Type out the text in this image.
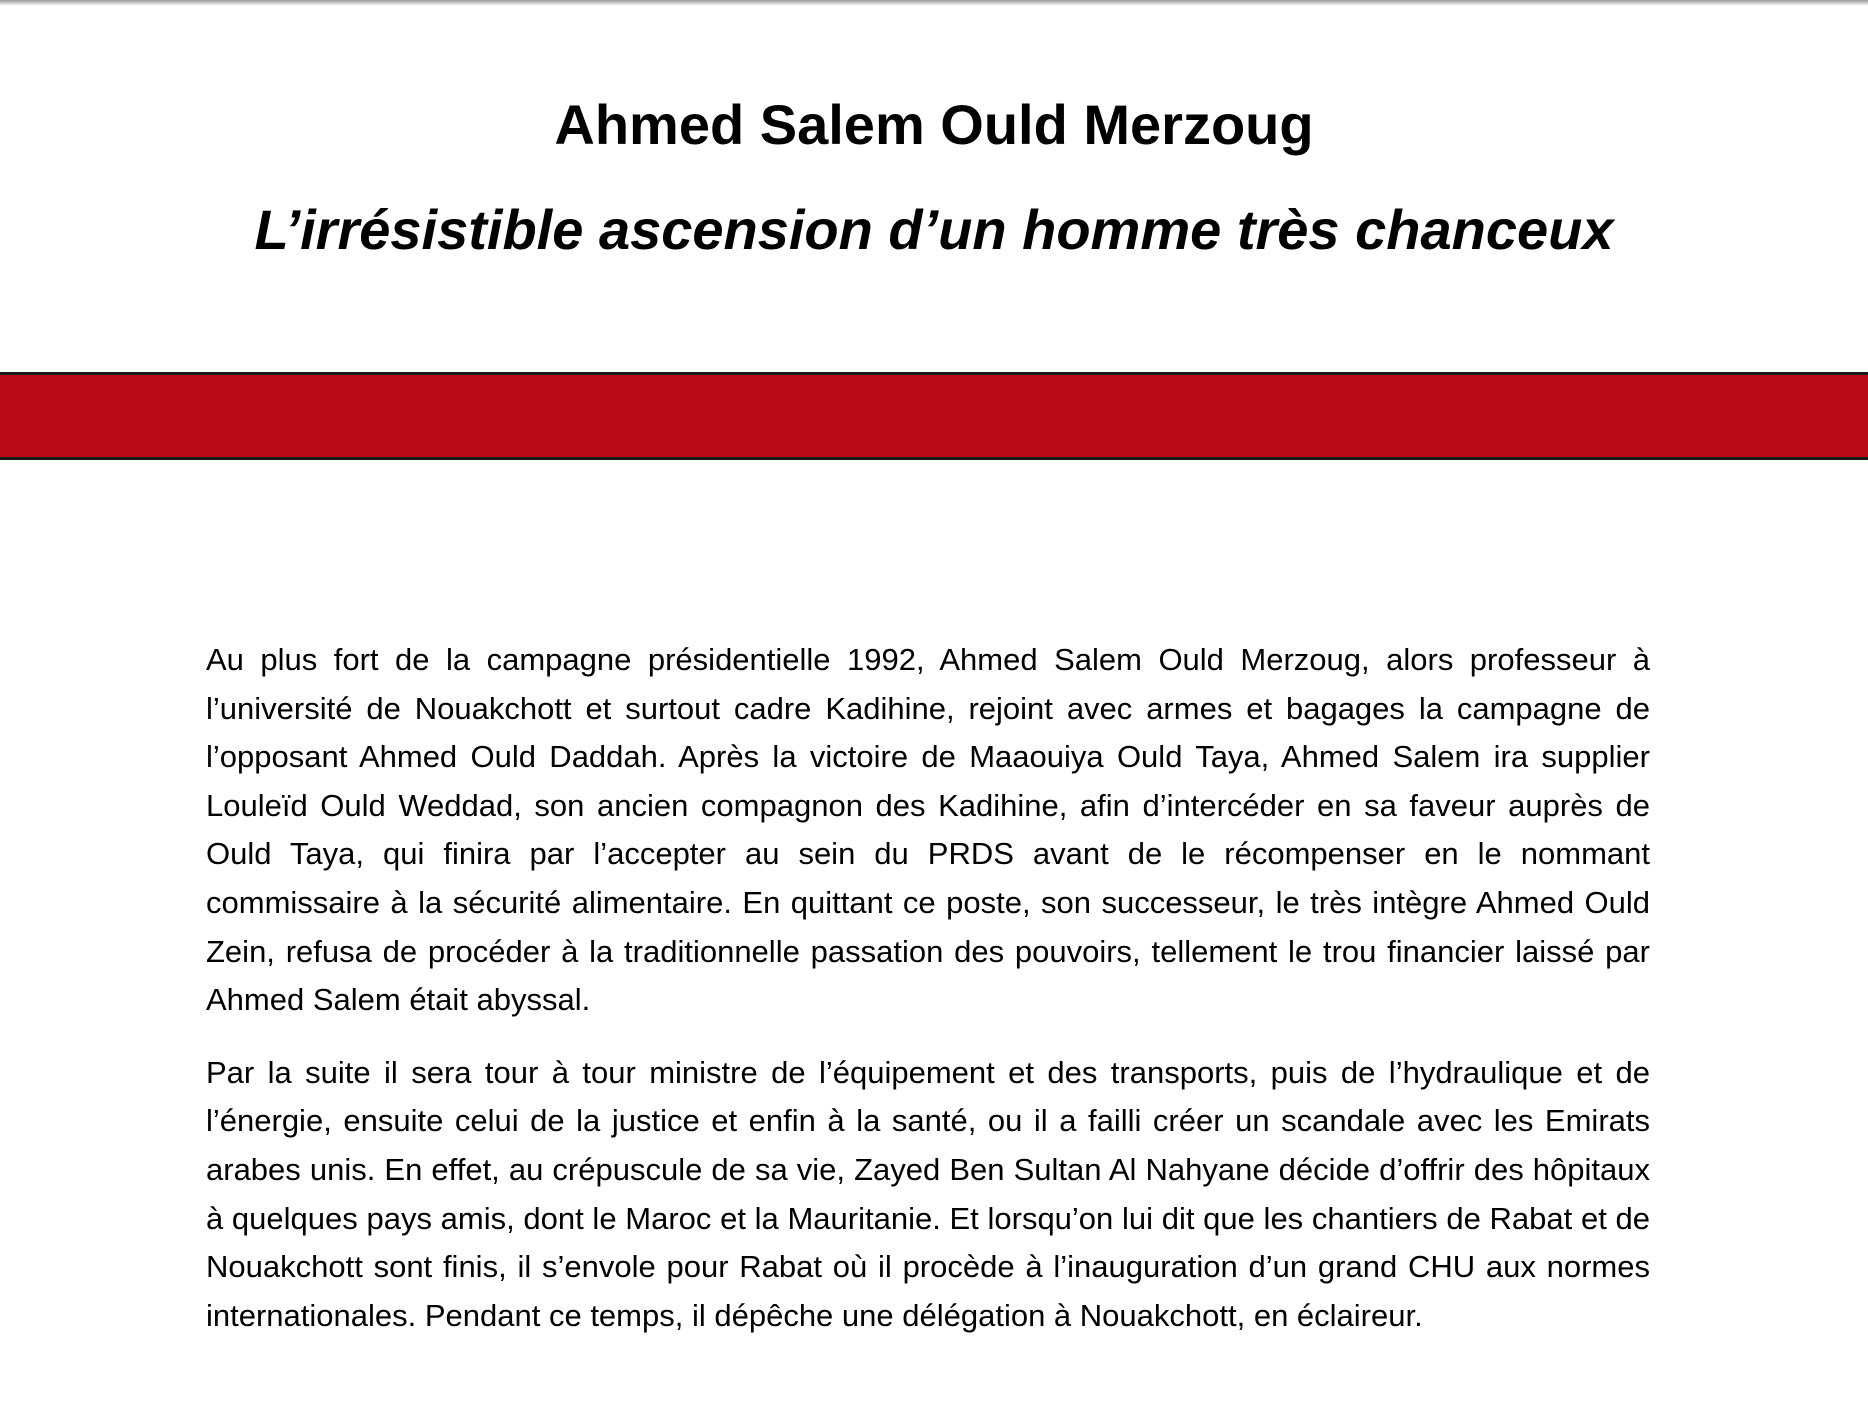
Ahmed Salem Ould Merzoug
L’irrésistible ascension d’un homme très chanceux

Au plus fort de la campagne présidentielle 1992, Ahmed Salem Ould Merzoug, alors professeur à l’université de Nouakchott et surtout cadre Kadihine, rejoint avec armes et bagages la campagne de l’opposant Ahmed Ould Daddah. Après la victoire de Maaouiya Ould Taya, Ahmed Salem ira supplier Louleïd Ould Weddad, son ancien compagnon des Kadihine, afin d’intercéder en sa faveur auprès de Ould Taya, qui finira par l’accepter au sein du PRDS avant de le récompenser en le nommant commissaire à la sécurité alimentaire. En quittant ce poste, son successeur, le très intègre Ahmed Ould Zein, refusa de procéder à la traditionnelle passation des pouvoirs, tellement le trou financier laissé par Ahmed Salem était abyssal.

Par la suite il sera tour à tour ministre de l’équipement et des transports, puis de l’hydraulique et de l’énergie, ensuite celui de la justice et enfin à la santé, ou il a failli créer un scandale avec les Emirats arabes unis. En effet, au crépuscule de sa vie, Zayed Ben Sultan Al Nahyane décide d’offrir des hôpitaux à quelques pays amis, dont le Maroc et la Mauritanie. Et lorsqu’on lui dit que les chantiers de Rabat et de Nouakchott sont finis, il s’envole pour Rabat où il procède à l’inauguration d’un grand CHU aux normes internationales. Pendant ce temps, il dépêche une délégation à Nouakchott, en éclaireur.
